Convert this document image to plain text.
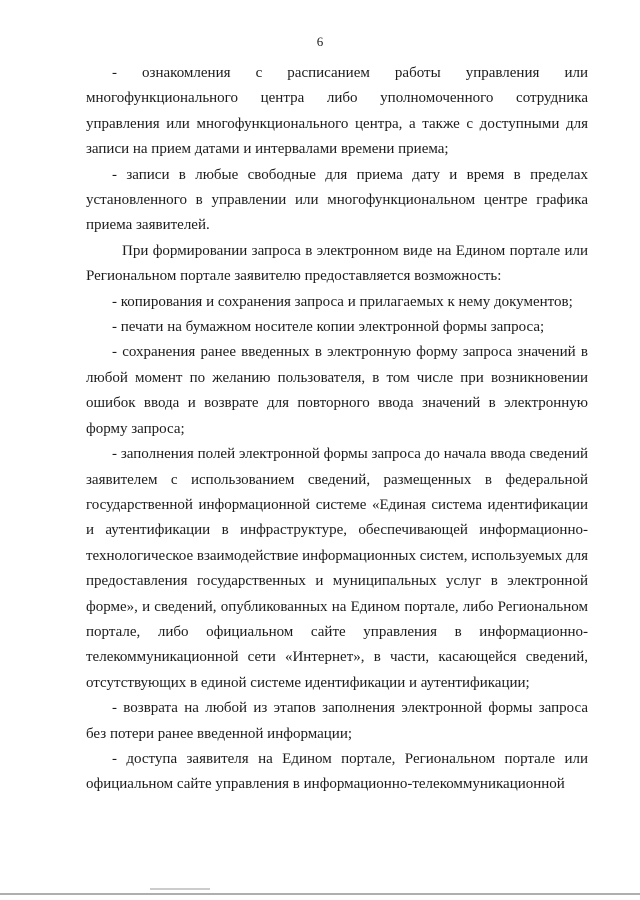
6

- ознакомления с расписанием работы управления или многофункционального центра либо уполномоченного сотрудника управления или многофункционального центра, а также с доступными для записи на прием датами и интервалами времени приема;

- записи в любые свободные для приема дату и время в пределах установленного в управлении или многофункциональном центре графика приема заявителей.

При формировании запроса в электронном виде на Едином портале или Региональном портале заявителю предоставляется возможность:

- копирования и сохранения запроса и прилагаемых к нему документов;

- печати на бумажном носителе копии электронной формы запроса;

- сохранения ранее введенных в электронную форму запроса значений в любой момент по желанию пользователя, в том числе при возникновении ошибок ввода и возврате для повторного ввода значений в электронную форму запроса;

- заполнения полей электронной формы запроса до начала ввода сведений заявителем с использованием сведений, размещенных в федеральной государственной информационной системе «Единая система идентификации и аутентификации в инфраструктуре, обеспечивающей информационно-технологическое взаимодействие информационных систем, используемых для предоставления государственных и муниципальных услуг в электронной форме», и сведений, опубликованных на Едином портале, либо Региональном портале, либо официальном сайте управления в информационно-телекоммуникационной сети «Интернет», в части, касающейся сведений, отсутствующих в единой системе идентификации и аутентификации;

- возврата на любой из этапов заполнения электронной формы запроса без потери ранее введенной информации;

- доступа заявителя на Едином портале, Региональном портале или официальном сайте управления в информационно-телекоммуникационной
